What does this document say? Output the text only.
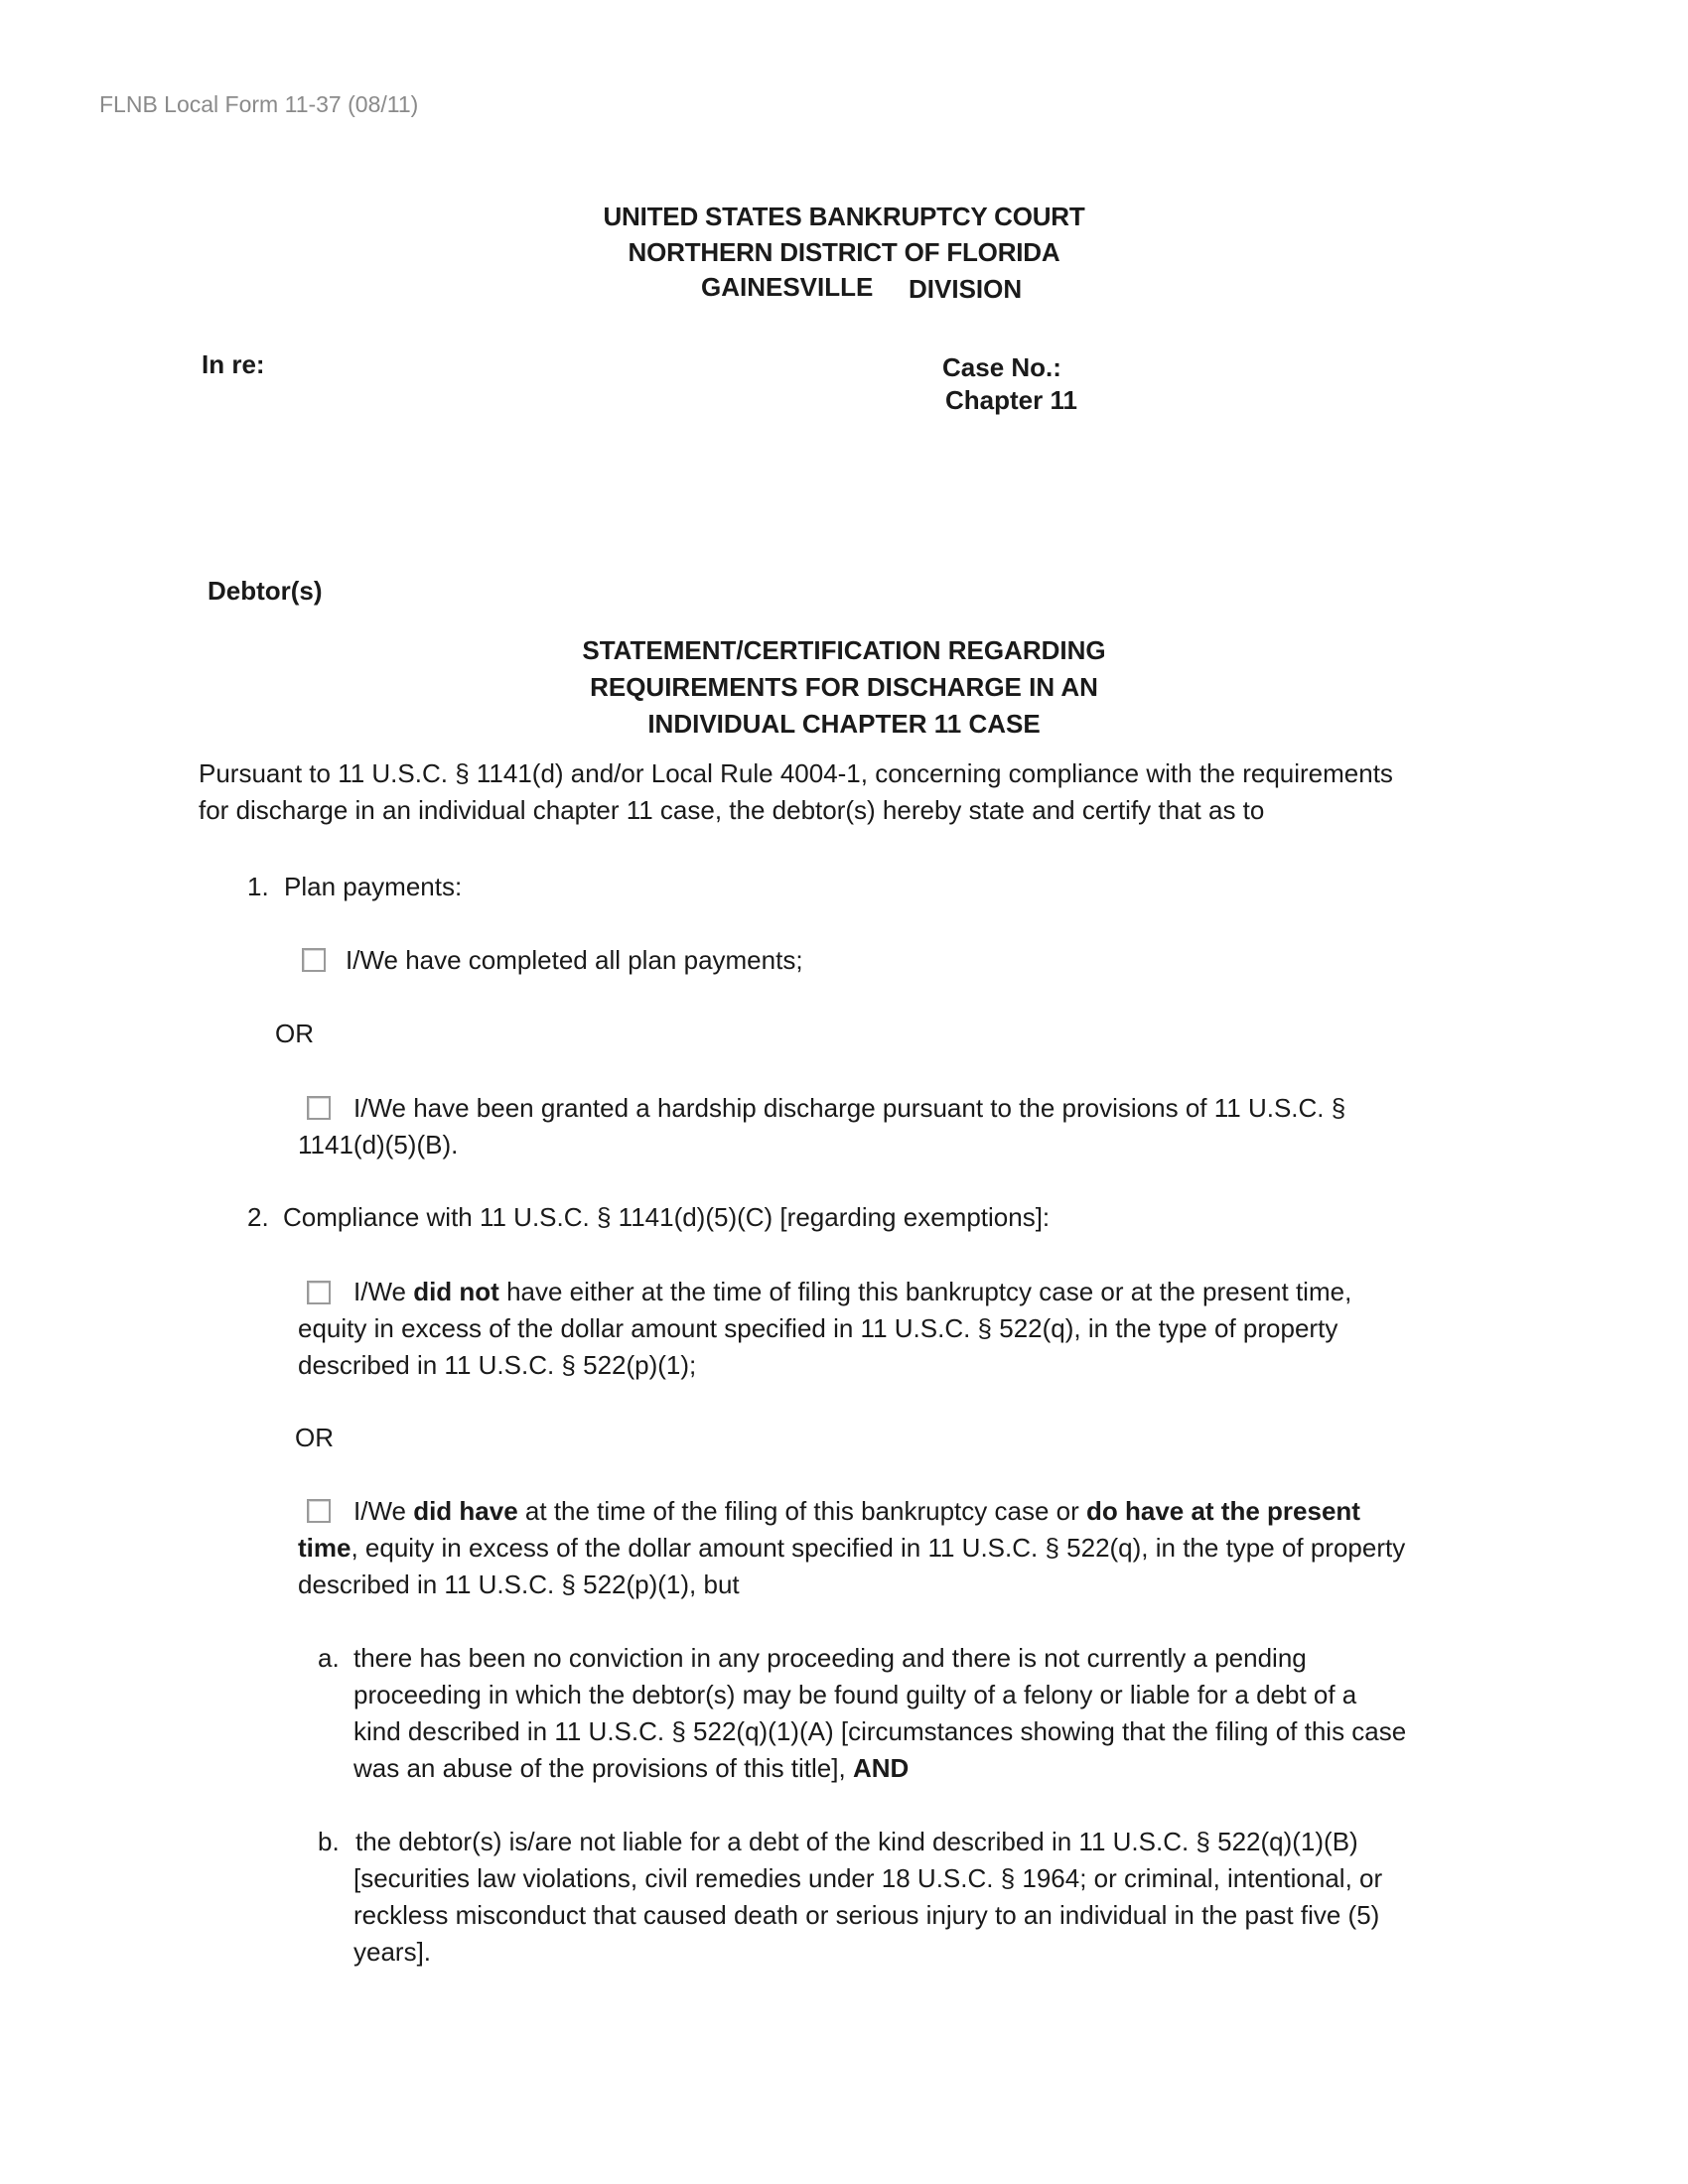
FLNB Local Form 11-37 (08/11)
UNITED STATES BANKRUPTCY COURT
NORTHERN DISTRICT OF FLORIDA
GAINESVILLE DIVISION
In re:	Case No.:
Chapter 11
Debtor(s)
STATEMENT/CERTIFICATION REGARDING
REQUIREMENTS FOR DISCHARGE IN AN
INDIVIDUAL CHAPTER 11 CASE
Pursuant to 11 U.S.C. § 1141(d) and/or Local Rule 4004-1, concerning compliance with the requirements
for discharge in an individual chapter 11 case, the debtor(s) hereby state and certify that as to
1. Plan payments:
I/We have completed all plan payments;
OR
I/We have been granted a hardship discharge pursuant to the provisions of 11 U.S.C. §
1141(d)(5)(B).
2. Compliance with 11 U.S.C. § 1141(d)(5)(C) [regarding exemptions]:
I/We did not have either at the time of filing this bankruptcy case or at the present time,
equity in excess of the dollar amount specified in 11 U.S.C. § 522(q), in the type of property
described in 11 U.S.C. § 522(p)(1);
OR
I/We did have at the time of the filing of this bankruptcy case or do have at the present
time, equity in excess of the dollar amount specified in 11 U.S.C. § 522(q), in the type of property
described in 11 U.S.C. § 522(p)(1), but
a. there has been no conviction in any proceeding and there is not currently a pending
proceeding in which the debtor(s) may be found guilty of a felony or liable for a debt of a
kind described in 11 U.S.C. § 522(q)(1)(A) [circumstances showing that the filing of this case
was an abuse of the provisions of this title], AND
b. the debtor(s) is/are not liable for a debt of the kind described in 11 U.S.C. § 522(q)(1)(B)
[securities law violations, civil remedies under 18 U.S.C. § 1964; or criminal, intentional, or
reckless misconduct that caused death or serious injury to an individual in the past five (5)
years].
